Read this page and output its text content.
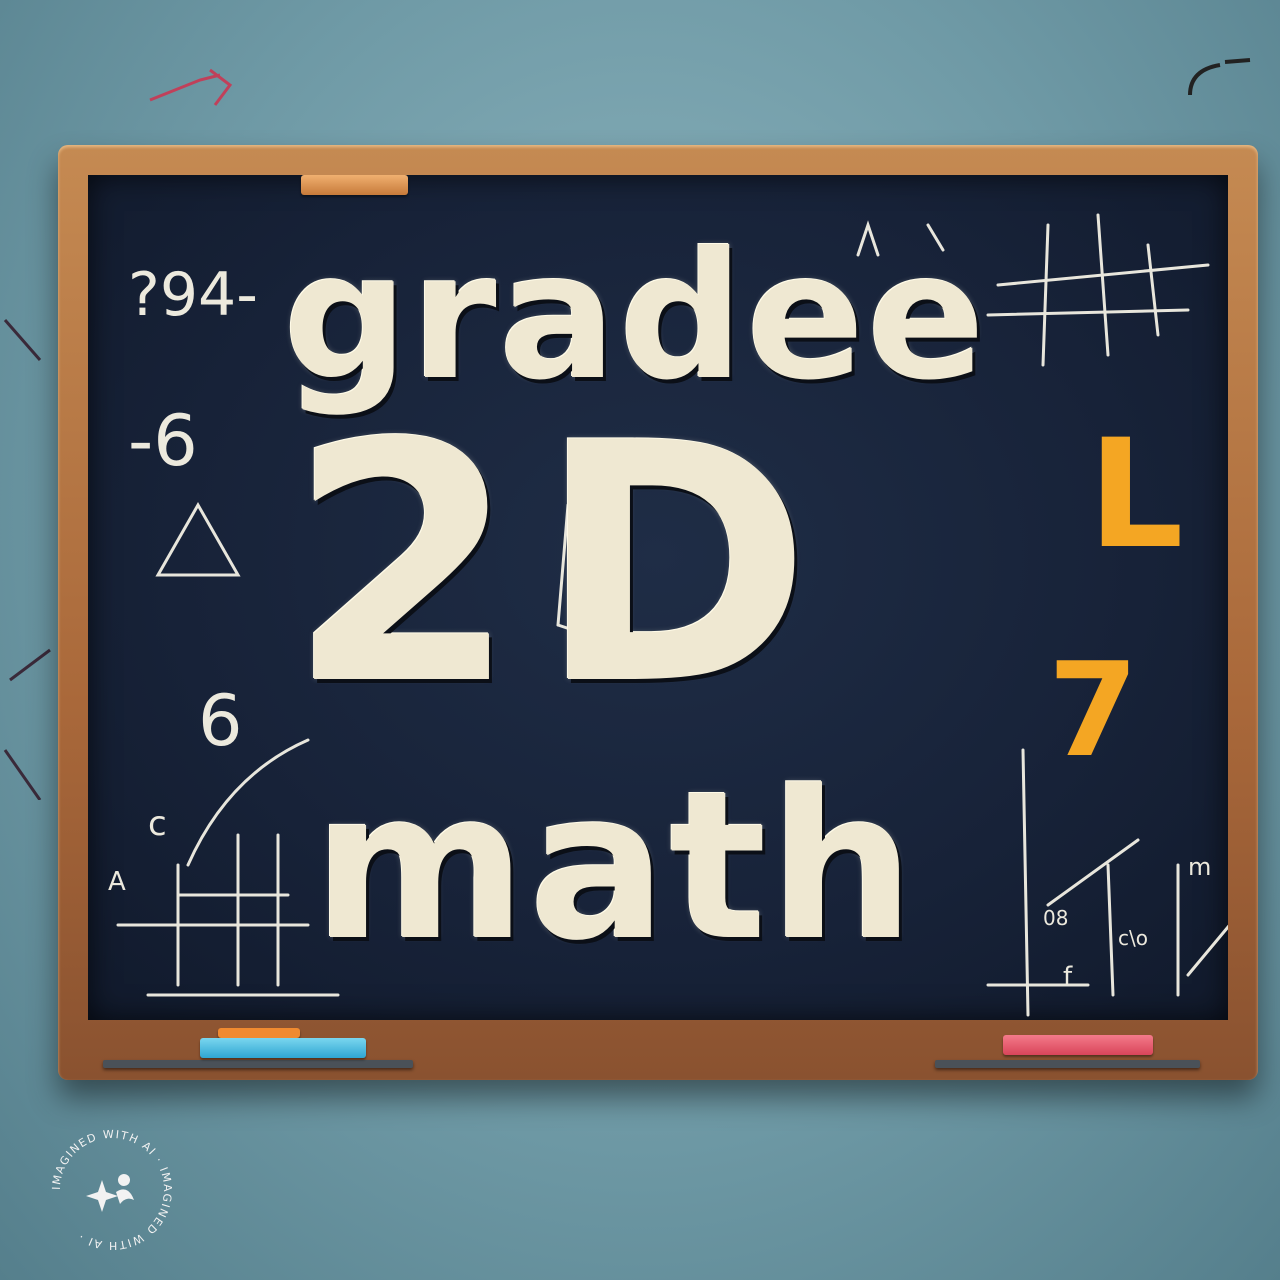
?94-
-6
6
c
A	m
c\o
08
f

gradee

2D

math

L

7

IMAGINED WITH AI · IMAGINED WITH AI ·
